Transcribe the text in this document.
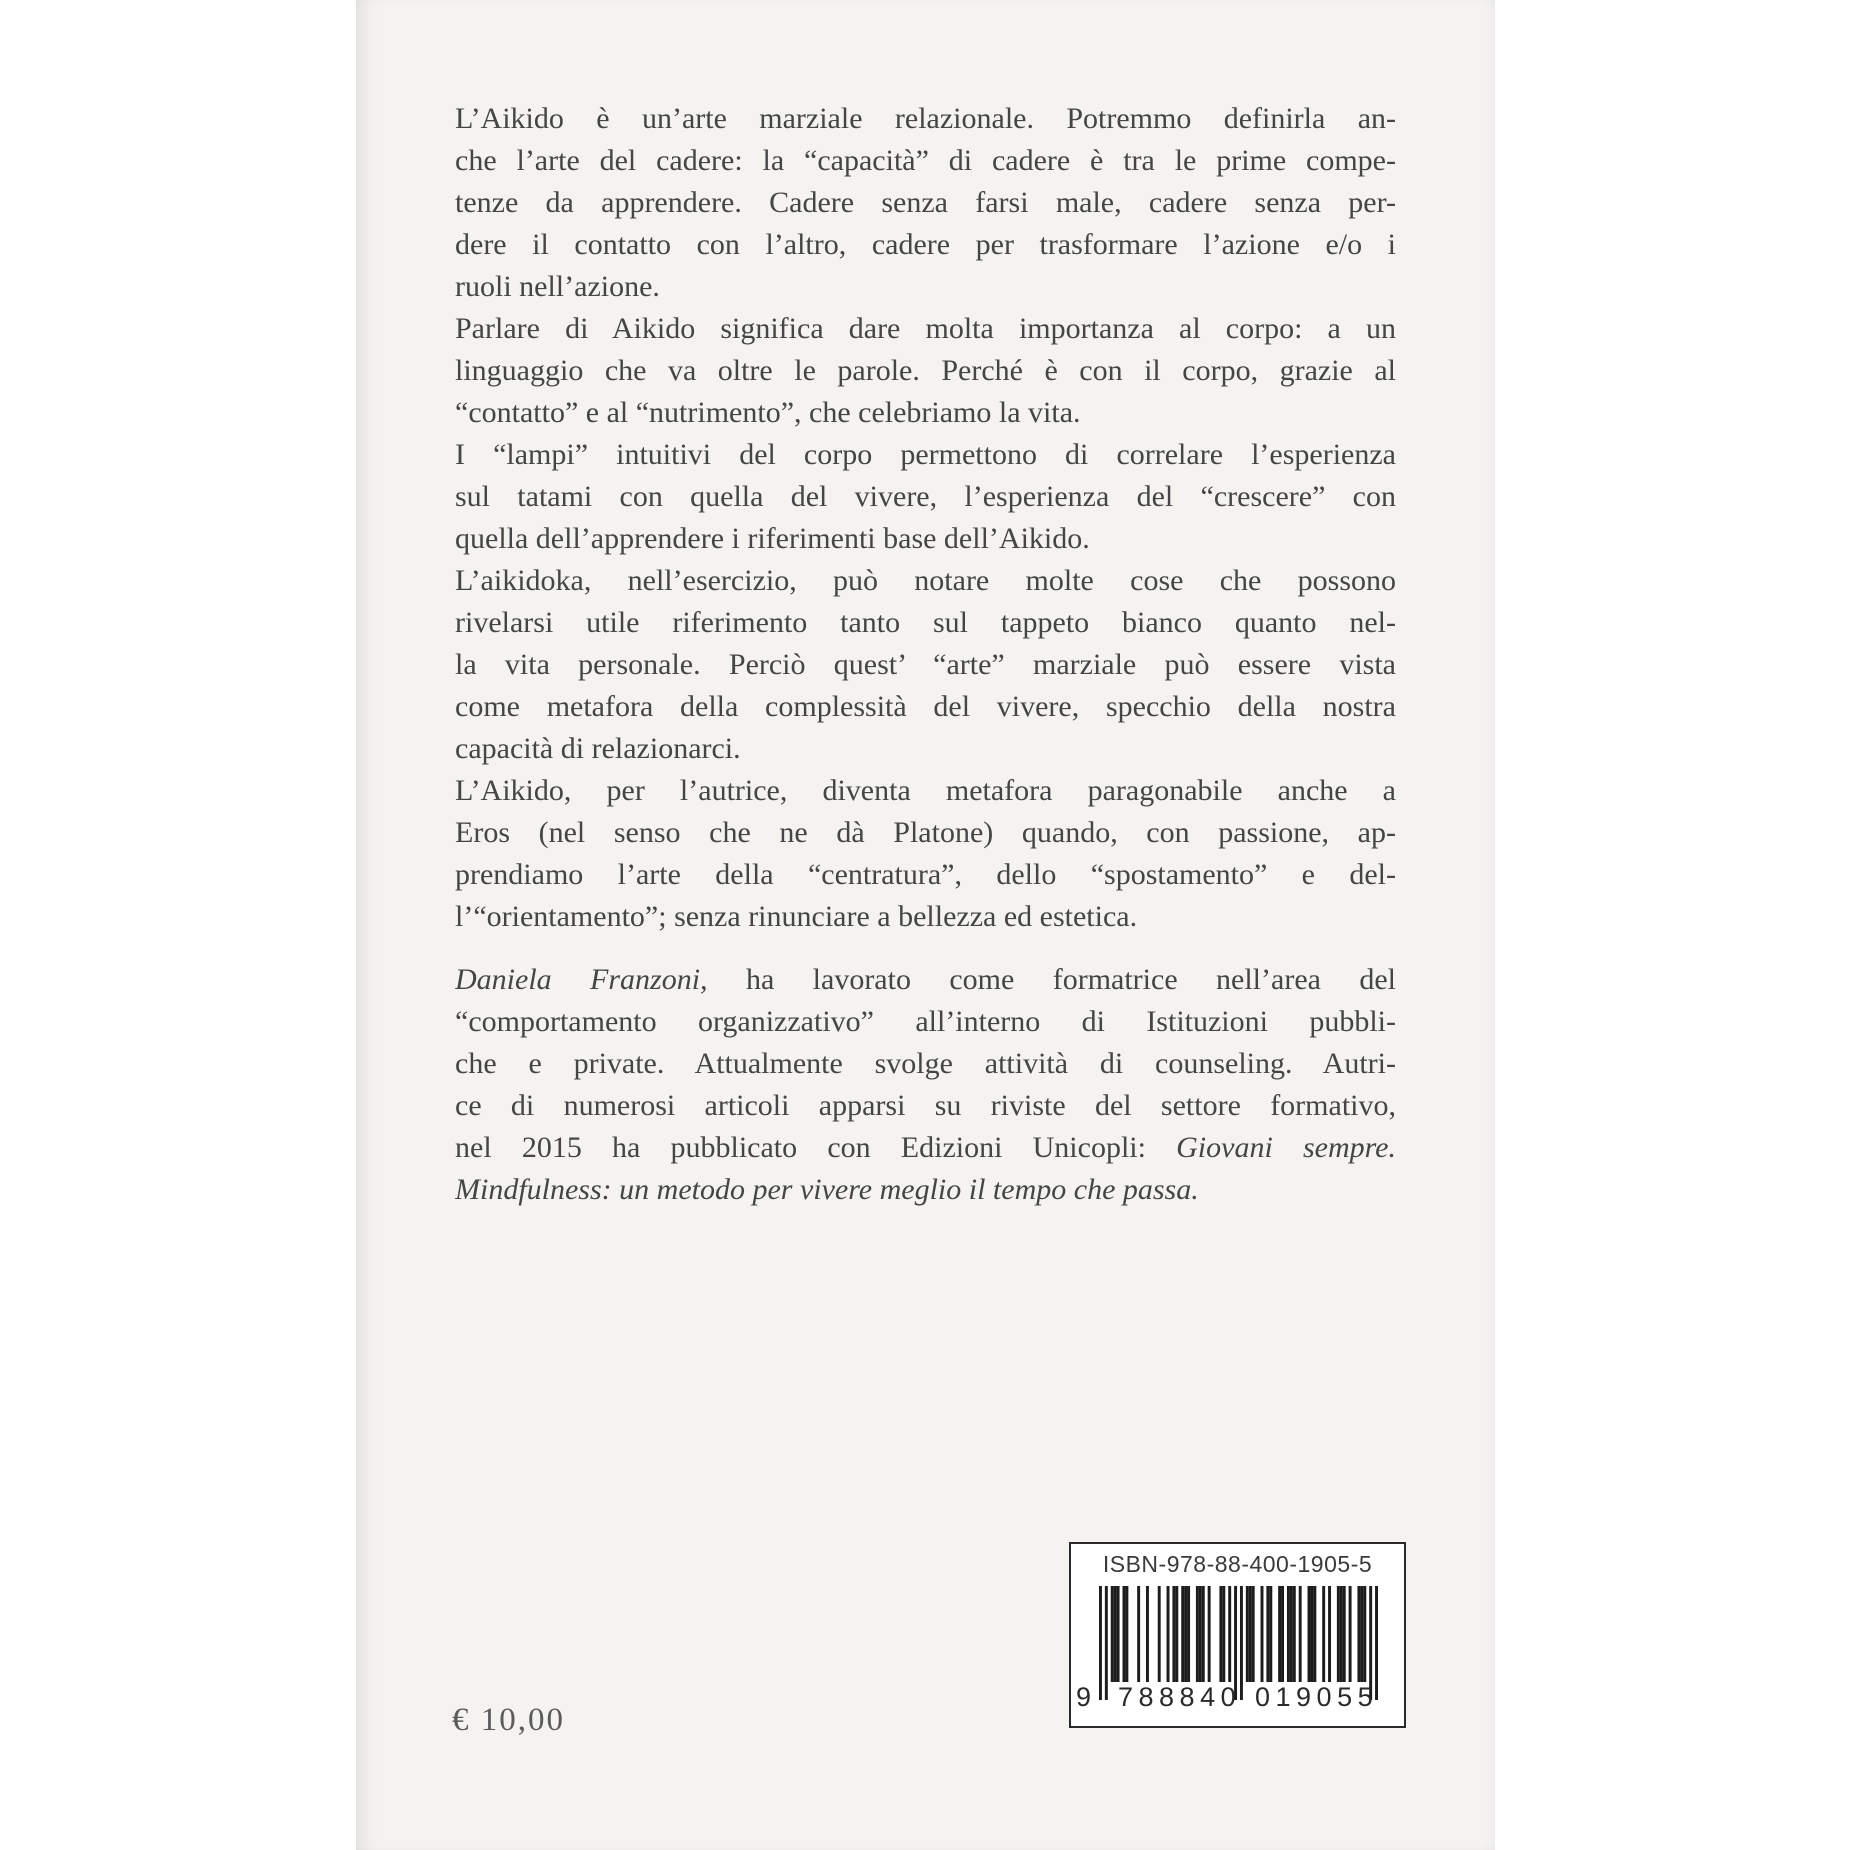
L’Aikido è un’arte marziale relazionale. Potremmo definirla an-
che l’arte del cadere: la “capacità” di cadere è tra le prime compe-
tenze da apprendere. Cadere senza farsi male, cadere senza per-
dere il contatto con l’altro, cadere per trasformare l’azione e/o i
ruoli nell’azione.
Parlare di Aikido significa dare molta importanza al corpo: a un
linguaggio che va oltre le parole. Perché è con il corpo, grazie al
“contatto” e al “nutrimento”, che celebriamo la vita.
I “lampi” intuitivi del corpo permettono di correlare l’esperienza
sul tatami con quella del vivere, l’esperienza del “crescere” con
quella dell’apprendere i riferimenti base dell’Aikido.
L’aikidoka, nell’esercizio, può notare molte cose che possono
rivelarsi utile riferimento tanto sul tappeto bianco quanto nel-
la vita personale. Perciò quest’ “arte” marziale può essere vista
come metafora della complessità del vivere, specchio della nostra
capacità di relazionarci.
L’Aikido, per l’autrice, diventa metafora paragonabile anche a
Eros (nel senso che ne dà Platone) quando, con passione, ap-
prendiamo l’arte della “centratura”, dello “spostamento” e del-
l’“orientamento”; senza rinunciare a bellezza ed estetica.
Daniela Franzoni, ha lavorato come formatrice nell’area del
“comportamento organizzativo” all’interno di Istituzioni pubbli-
che e private. Attualmente svolge attività di counseling. Autri-
ce di numerosi articoli apparsi su riviste del settore formativo,
nel 2015 ha pubblicato con Edizioni Unicopli: Giovani sempre.
Mindfulness: un metodo per vivere meglio il tempo che passa.
€ 10,00
ISBN-978-88-400-1905-5
9 788840 019055
